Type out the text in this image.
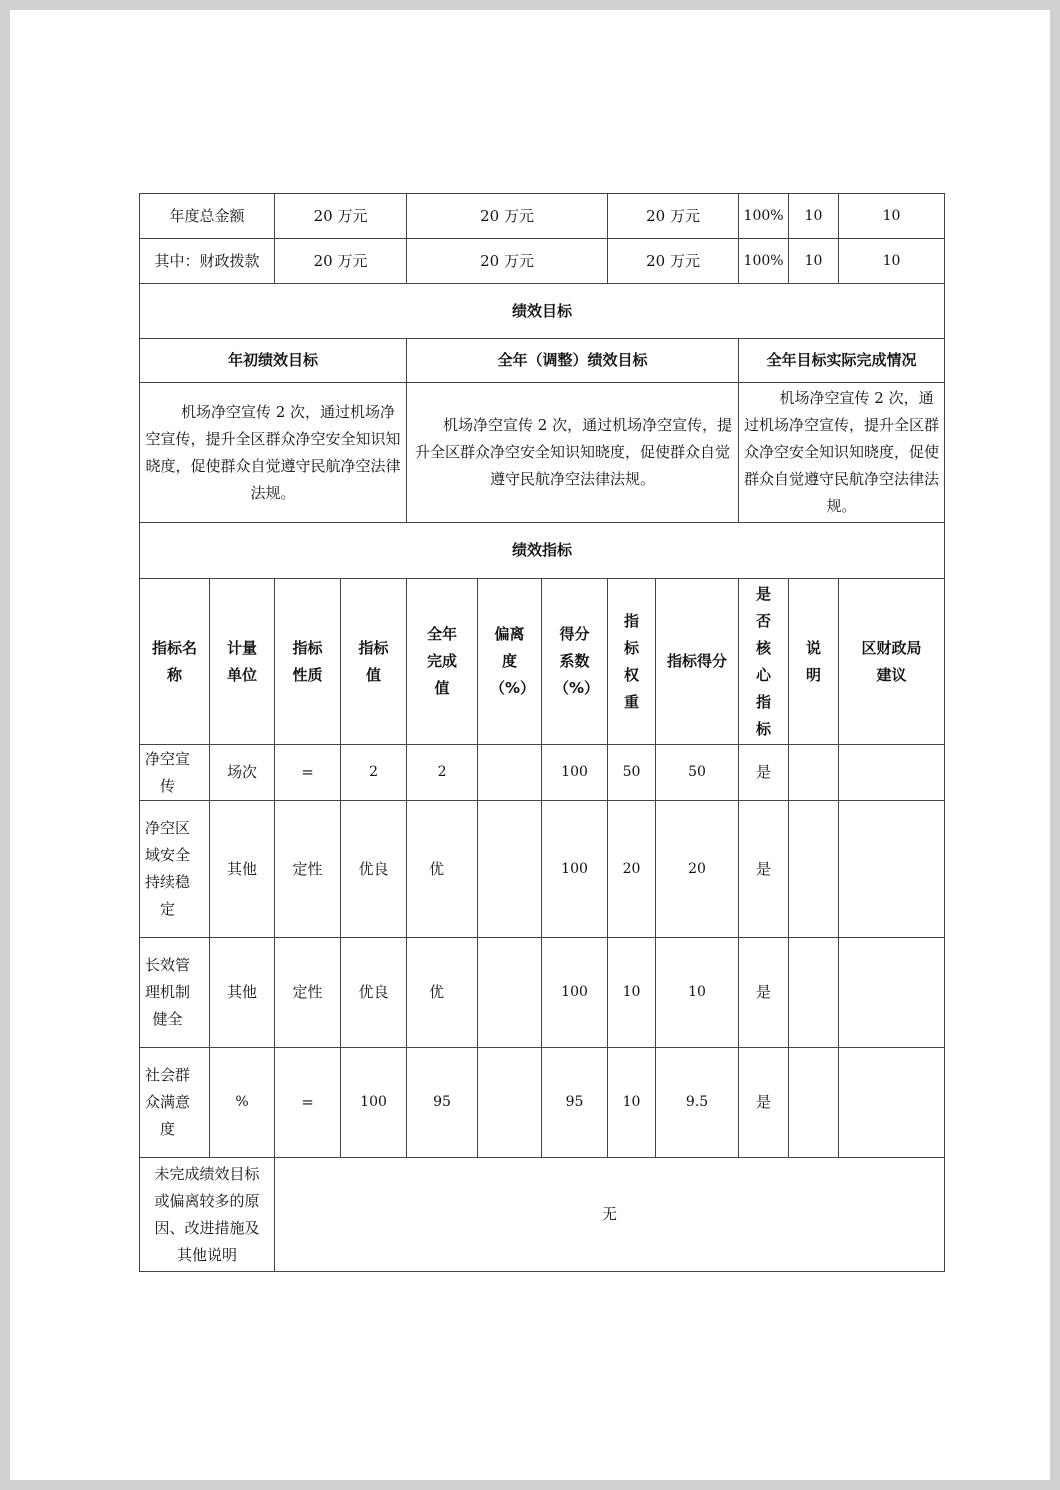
年度总金额		20 万元		20 万元			20 万元		100%	10	10
其中：财政拨款		20 万元		20 万元			20 万元		100%	10	10
绩效目标											
年初绩效目标				全年（调整）绩效目标					全年目标实际完成情况		
机场净空宣传 2 次，通过机场净空宣传，提升全区群众净空安全知识知晓度，促使群众自觉遵守民航净空法律法规。				机场净空宣传 2 次，通过机场净空宣传，提升全区群众净空安全知识知晓度，促使群众自觉遵守民航净空法律法规。					机场净空宣传 2 次，通过机场净空宣传，提升全区群众净空安全知识知晓度，促使群众自觉遵守民航净空法律法规。		
绩效指标											
指标名称	计量单位	指标性质	指标值	全年完成值	偏离度（%）	得分系数（%）	指标权重	指标得分	是否核心指标	说明	区财政局建议
净空宣传	场次	=	2	2		100	50	50	是		
净空区域安全持续稳定	其他	定性	优良	优		100	20	20	是		
长效管理机制健全	其他	定性	优良	优		100	10	10	是		
社会群众满意度	%	=	100	95		95	10	9.5	是		
未完成绩效目标或偏离较多的原因、改进措施及其他说明		无									
